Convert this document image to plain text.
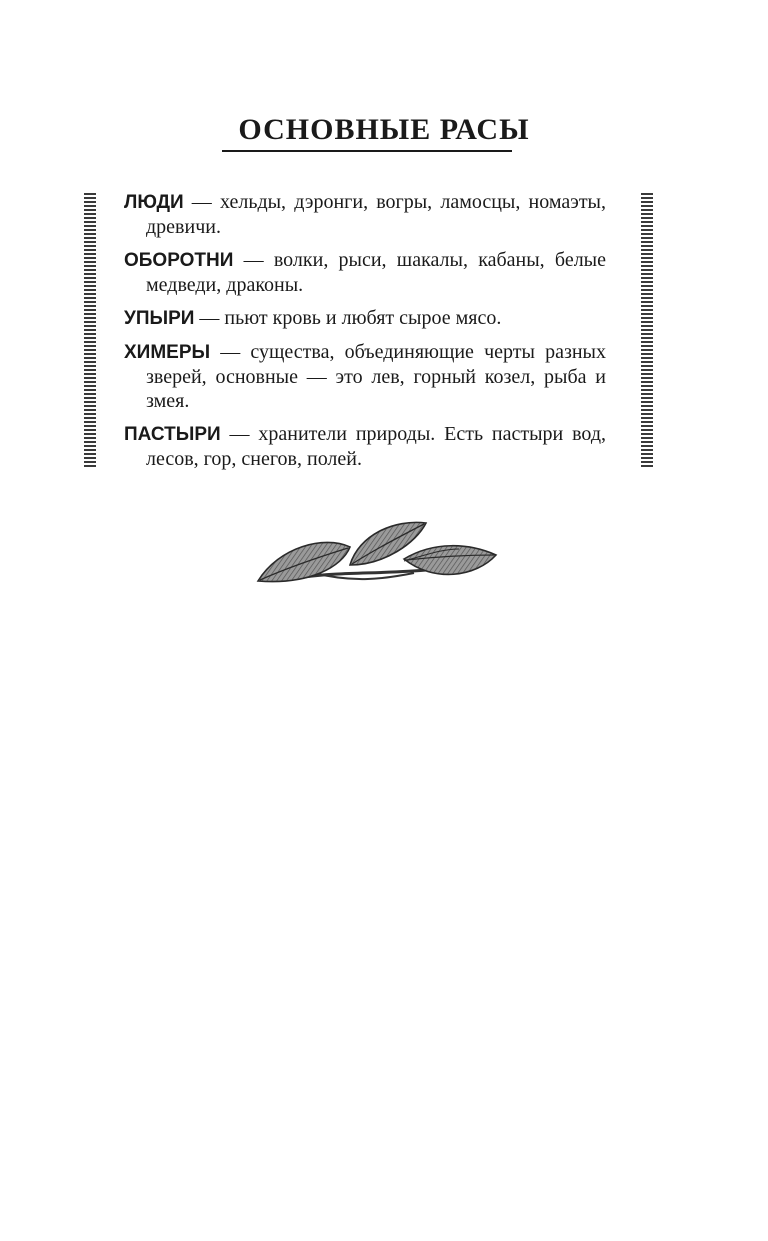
ОСНОВНЫЕ РАСЫ

ЛЮДИ — хельды, дэронги, вогры, ламосцы, номаэты, древичи.

ОБОРОТНИ — волки, рыси, шакалы, кабаны, белые медведи, драконы.

УПЫРИ — пьют кровь и любят сырое мясо.

ХИМЕРЫ — существа, объединяющие черты разных зверей, основные — это лев, горный козел, рыба и змея.

ПАСТЫРИ — хранители природы. Есть пастыри вод, лесов, гор, снегов, полей.
